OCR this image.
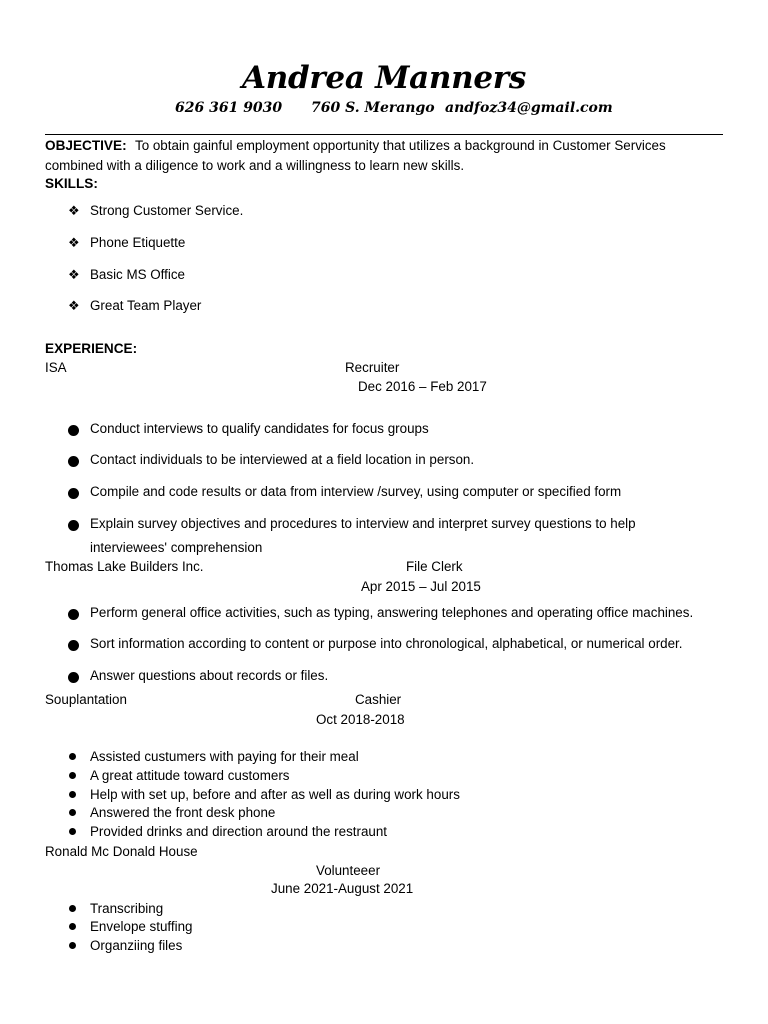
Andrea Manners
626 361 9030 760 S. Merango andfoz34@gmail.com
OBJECTIVE: To obtain gainful employment opportunity that utilizes a background in Customer Services
combined with a diligence to work and a willingness to learn new skills.
SKILLS:
❖ Strong Customer Service.
❖ Phone Etiquette
❖ Basic MS Office
❖ Great Team Player
EXPERIENCE:
ISA	Recruiter
Dec 2016 – Feb 2017
Conduct interviews to qualify candidates for focus groups
Contact individuals to be interviewed at a field location in person.
Compile and code results or data from interview /survey, using computer or specified form
Explain survey objectives and procedures to interview and interpret survey questions to help
interviewees' comprehension
Thomas Lake Builders Inc.	File Clerk
Apr 2015 – Jul 2015
Perform general office activities, such as typing, answering telephones and operating office machines.
Sort information according to content or purpose into chronological, alphabetical, or numerical order.
Answer questions about records or files.
Souplantation	Cashier
Oct 2018-2018
Assisted custumers with paying for their meal
A great attitude toward customers
Help with set up, before and after as well as during work hours
Answered the front desk phone
Provided drinks and direction around the restraunt
Ronald Mc Donald House
Volunteeer
June 2021-August 2021
Transcribing
Envelope stuffing
Organziing files
